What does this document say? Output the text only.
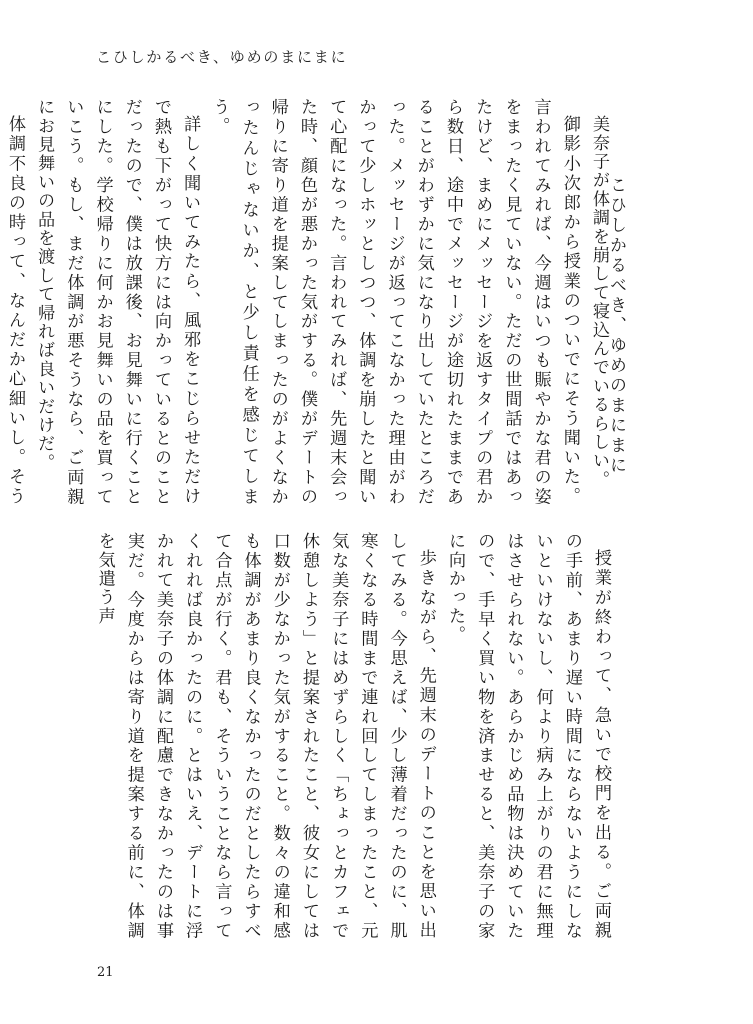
こひしかるべき、ゆめのまにまに
こひしかるべき、ゆめのまにまに

美奈子が体調を崩して寝込んでいるらしい。

御影小次郎から授業のついでにそう聞いた。言われてみれば、今週はいつも賑やかな君の姿をまったく見ていない。ただの世間話ではあったけど、まめにメッセージを返すタイプの君から数日、途中でメッセージが途切れたままであることがわずかに気になり出していたところだった。メッセージが返ってこなかった理由がわかって少しホッとしつつ、体調を崩したと聞いて心配になった。言われてみれば、先週末会った時、顔色が悪かった気がする。僕がデートの帰りに寄り道を提案してしまったのがよくなかったんじゃないか、と少し責任を感じてしまう。

詳しく聞いてみたら、風邪をこじらせただけで熱も下がって快方には向かっているとのことだったので、僕は放課後、お見舞いに行くことにした。学校帰りに何かお見舞いの品を買っていこう。もし、まだ体調が悪そうなら、ご両親にお見舞いの品を渡して帰れば良いだけだ。

体調不良の時って、なんだか心細いし。そう　　

授業が終わって、急いで校門を出る。ご両親の手前、あまり遅い時間にならないようにしないといけないし、何より病み上がりの君に無理はさせられない。あらかじめ品物は決めていたので、手早く買い物を済ませると、美奈子の家に向かった。

歩きながら、先週末のデートのことを思い出してみる。今思えば、少し薄着だったのに、肌寒くなる時間まで連れ回してしまったこと、元気な美奈子にはめずらしく「ちょっとカフェで休憩しよう」と提案されたこと、彼女にしては口数が少なかった気がすること。数々の違和感も体調があまり良くなかったのだとしたらすべて合点が行く。君も、そういうことなら言ってくれれば良かったのに。とはいえ、デートに浮かれて美奈子の体調に配慮できなかったのは事実だ。今度からは寄り道を提案する前に、体調を気遣う声

21
